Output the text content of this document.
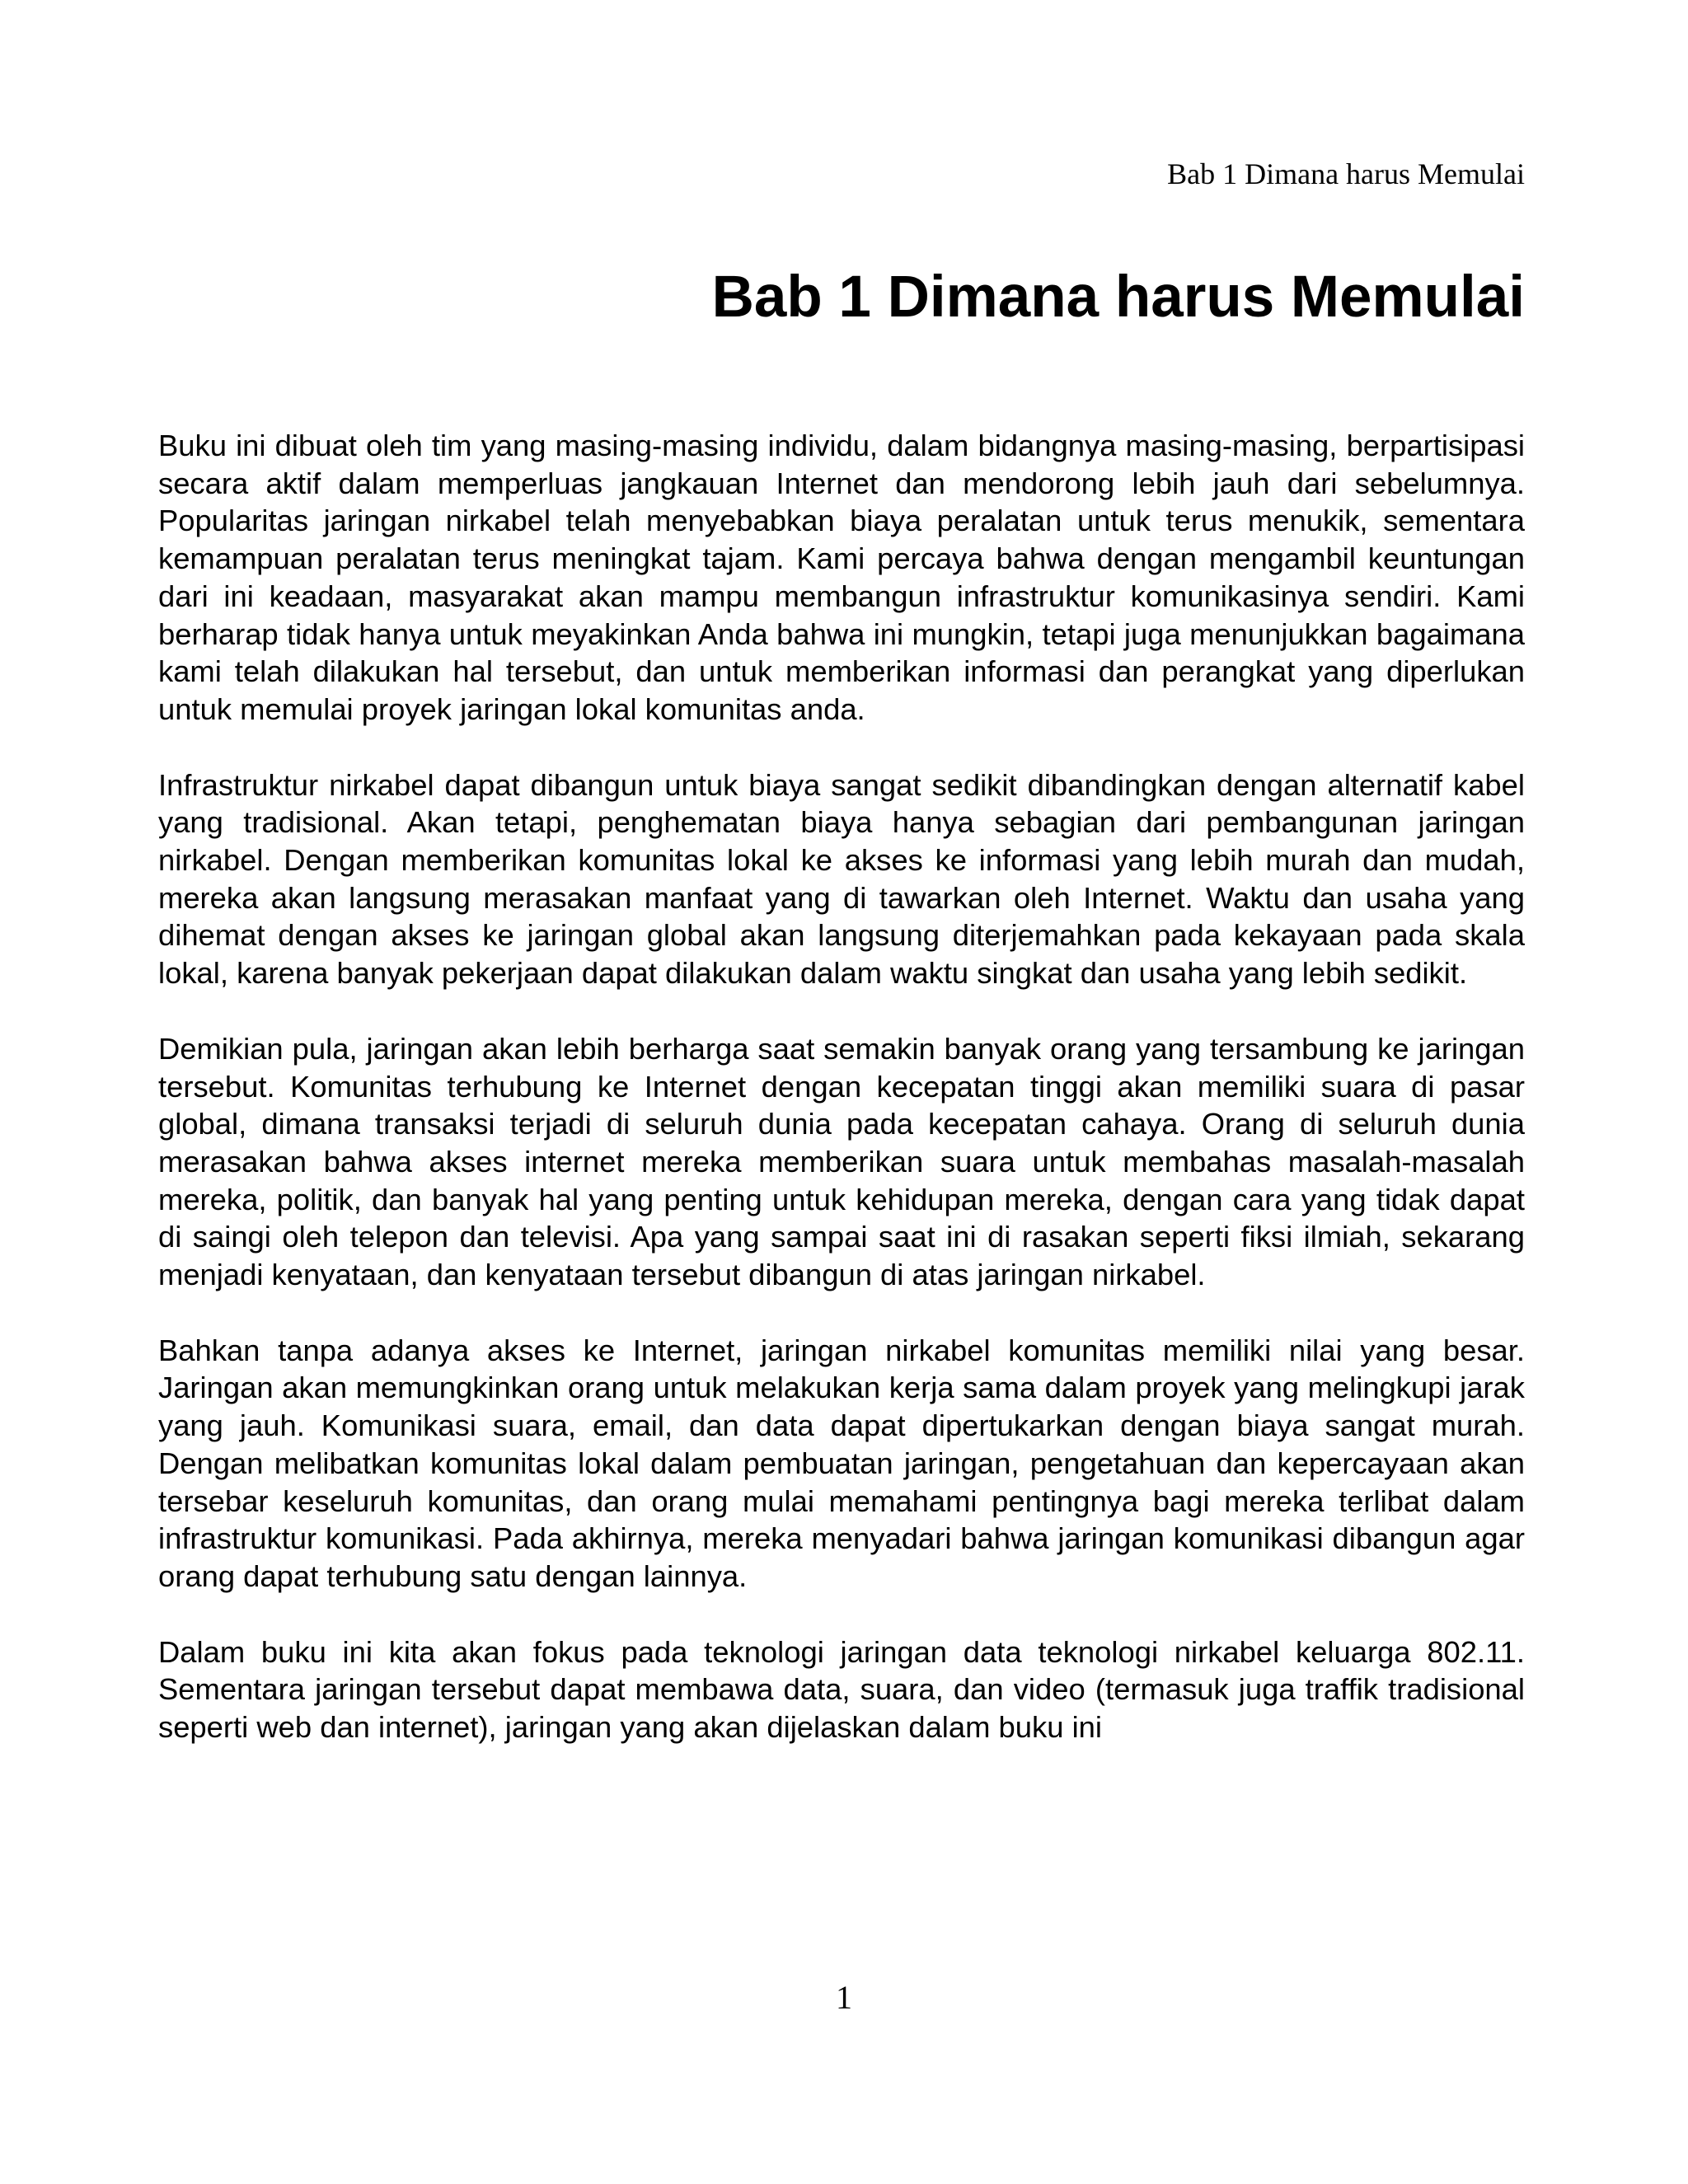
Bab 1 Dimana harus Memulai
Bab 1 Dimana harus Memulai

Buku ini dibuat oleh tim yang masing-masing individu, dalam bidangnya masing-masing, berpartisipasi secara aktif dalam memperluas jangkauan Internet dan mendorong lebih jauh dari sebelumnya. Popularitas jaringan nirkabel telah menyebabkan biaya peralatan untuk terus menukik, sementara kemampuan peralatan terus meningkat tajam. Kami percaya bahwa dengan mengambil keuntungan dari ini keadaan, masyarakat akan mampu membangun infrastruktur komunikasinya sendiri. Kami berharap tidak hanya untuk meyakinkan Anda bahwa ini mungkin, tetapi juga menunjukkan bagaimana kami telah dilakukan hal tersebut, dan untuk memberikan informasi dan perangkat yang diperlukan untuk memulai proyek jaringan lokal komunitas anda.

Infrastruktur nirkabel dapat dibangun untuk biaya sangat sedikit dibandingkan dengan alternatif kabel yang tradisional. Akan tetapi, penghematan biaya hanya sebagian dari pembangunan jaringan nirkabel. Dengan memberikan komunitas lokal ke akses ke informasi yang lebih murah dan mudah, mereka akan langsung merasakan manfaat yang di tawarkan oleh Internet. Waktu dan usaha yang dihemat dengan akses ke jaringan global akan langsung diterjemahkan pada kekayaan pada skala lokal, karena banyak pekerjaan dapat dilakukan dalam waktu singkat dan usaha yang lebih sedikit.

Demikian pula, jaringan akan lebih berharga saat semakin banyak orang yang tersambung ke jaringan tersebut. Komunitas terhubung ke Internet dengan kecepatan tinggi akan memiliki suara di pasar global, dimana transaksi terjadi di seluruh dunia pada kecepatan cahaya. Orang di seluruh dunia merasakan bahwa akses internet mereka memberikan suara untuk membahas masalah-masalah mereka, politik, dan banyak hal yang penting untuk kehidupan mereka, dengan cara yang tidak dapat di saingi oleh telepon dan televisi. Apa yang sampai saat ini di rasakan seperti fiksi ilmiah, sekarang menjadi kenyataan, dan kenyataan tersebut dibangun di atas jaringan nirkabel.

Bahkan tanpa adanya akses ke Internet, jaringan nirkabel komunitas memiliki nilai yang besar. Jaringan akan memungkinkan orang untuk melakukan kerja sama dalam proyek yang melingkupi jarak yang jauh. Komunikasi suara, email, dan data dapat dipertukarkan dengan biaya sangat murah. Dengan melibatkan komunitas lokal dalam pembuatan jaringan, pengetahuan dan kepercayaan akan tersebar keseluruh komunitas, dan orang mulai memahami pentingnya bagi mereka terlibat dalam infrastruktur komunikasi. Pada akhirnya, mereka menyadari bahwa jaringan komunikasi dibangun agar orang dapat terhubung satu dengan lainnya.

Dalam buku ini kita akan fokus pada teknologi jaringan data teknologi nirkabel keluarga 802.11. Sementara jaringan tersebut dapat membawa data, suara, dan video (termasuk juga traffik tradisional seperti web dan internet), jaringan yang akan dijelaskan dalam buku ini

1
